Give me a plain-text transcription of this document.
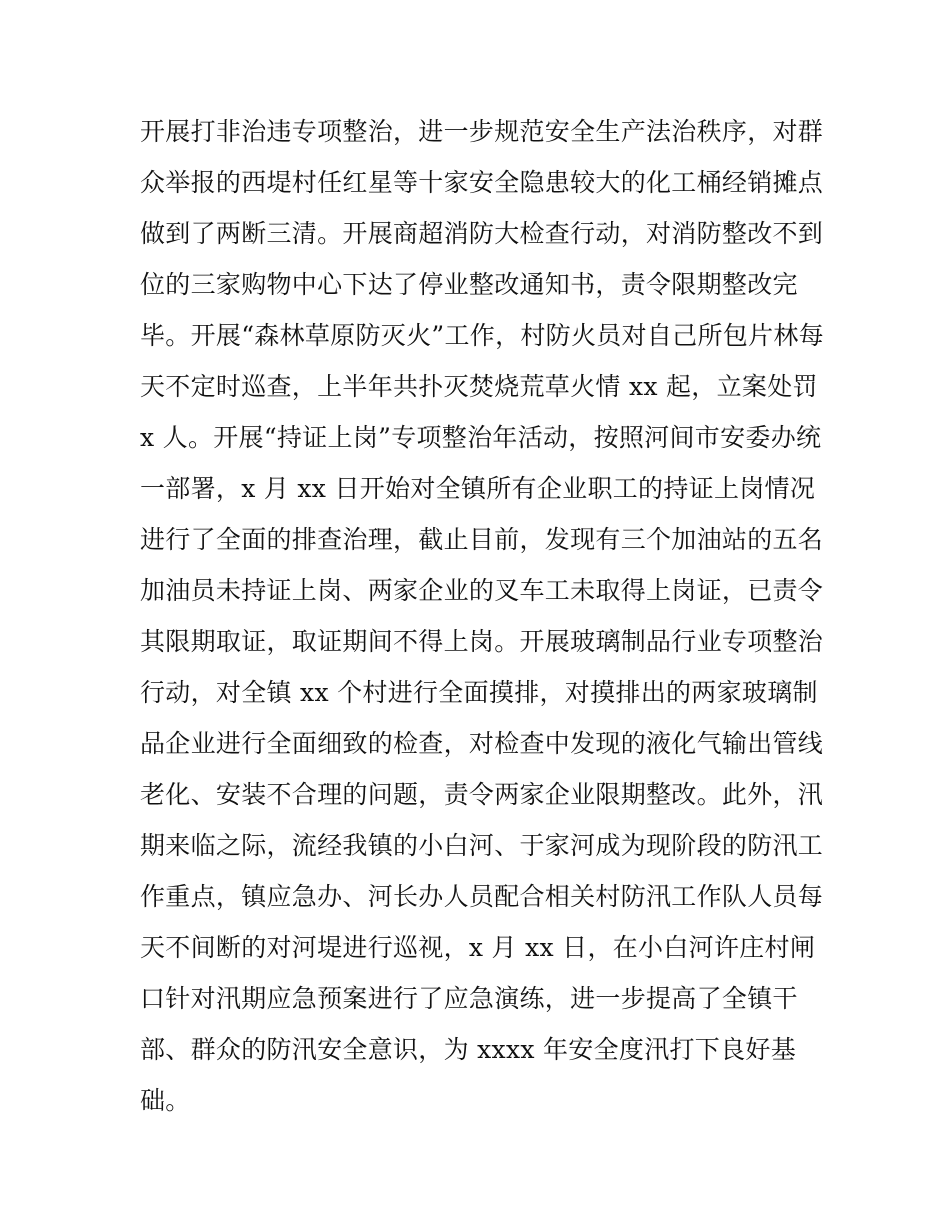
开展打非治违专项整治，进一步规范安全生产法治秩序，对群
众举报的西堤村任红星等十家安全隐患较大的化工桶经销摊点
做到了两断三清。开展商超消防大检查行动，对消防整改不到
位的三家购物中心下达了停业整改通知书，责令限期整改完
毕。开展“森林草原防灭火”工作，村防火员对自己所包片林每
天不定时巡查，上半年共扑灭焚烧荒草火情 xx 起，立案处罚
x 人。开展“持证上岗”专项整治年活动，按照河间市安委办统
一部署，x 月 xx 日开始对全镇所有企业职工的持证上岗情况
进行了全面的排查治理，截止目前，发现有三个加油站的五名
加油员未持证上岗、两家企业的叉车工未取得上岗证，已责令
其限期取证，取证期间不得上岗。开展玻璃制品行业专项整治
行动，对全镇 xx 个村进行全面摸排，对摸排出的两家玻璃制
品企业进行全面细致的检查，对检查中发现的液化气输出管线
老化、安装不合理的问题，责令两家企业限期整改。此外，汛
期来临之际，流经我镇的小白河、于家河成为现阶段的防汛工
作重点，镇应急办、河长办人员配合相关村防汛工作队人员每
天不间断的对河堤进行巡视，x 月 xx 日，在小白河许庄村闸
口针对汛期应急预案进行了应急演练，进一步提高了全镇干
部、群众的防汛安全意识，为 xxxx 年安全度汛打下良好基
础。
